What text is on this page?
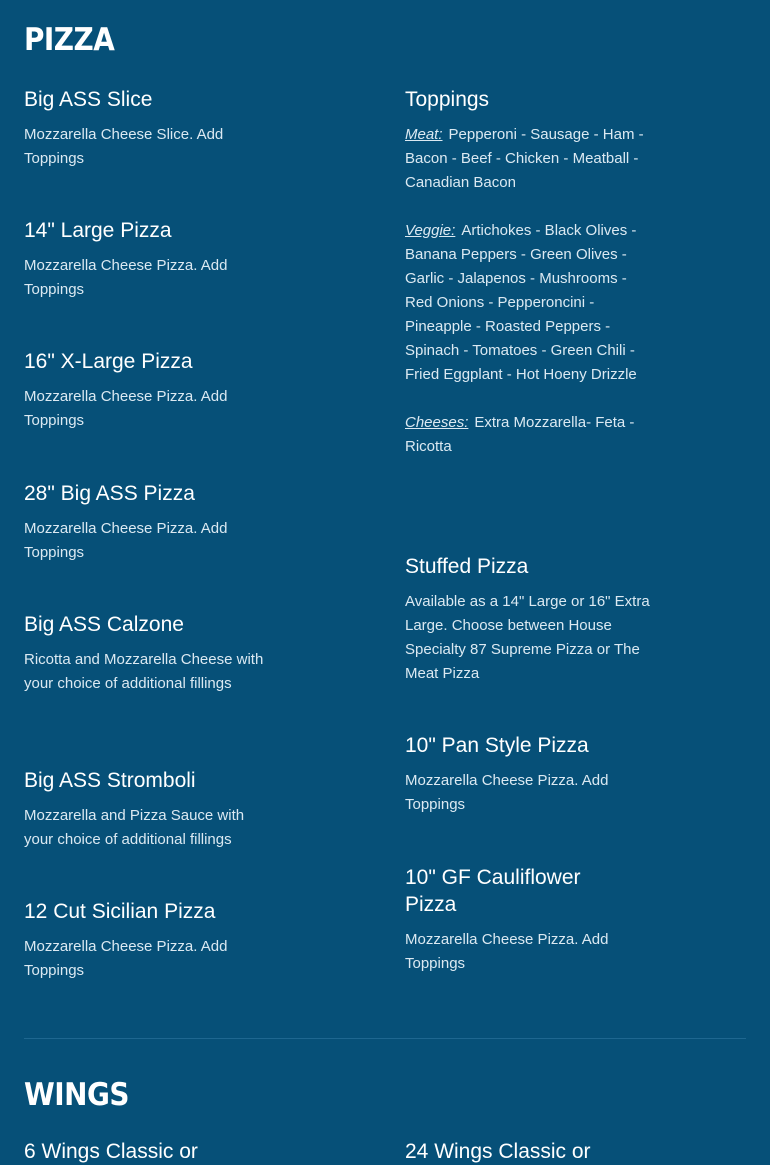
PIZZA
Big ASS Slice

Mozzarella Cheese Slice. Add Toppings

14" Large Pizza

Mozzarella Cheese Pizza. Add Toppings

16" X-Large Pizza

Mozzarella Cheese Pizza. Add Toppings

28" Big ASS Pizza

Mozzarella Cheese Pizza. Add Toppings

Big ASS Calzone

Ricotta and Mozzarella Cheese with your choice of additional fillings

Big ASS Stromboli

Mozzarella and Pizza Sauce with your choice of additional fillings

12 Cut Sicilian Pizza

Mozzarella Cheese Pizza. Add Toppings

Toppings

Meat: Pepperoni - Sausage - Ham - Bacon - Beef - Chicken - Meatball - Canadian Bacon

Veggie: Artichokes - Black Olives - Banana Peppers - Green Olives - Garlic - Jalapenos - Mushrooms - Red Onions - Pepperoncini - Pineapple - Roasted Peppers - Spinach - Tomatoes - Green Chili - Fried Eggplant - Hot Hoeny Drizzle

Cheeses: Extra Mozzarella- Feta - Ricotta

Stuffed Pizza

Available as a 14" Large or 16" Extra Large. Choose between House Specialty 87 Supreme Pizza or The Meat Pizza

10" Pan Style Pizza

Mozzarella Cheese Pizza. Add Toppings

10" GF Cauliflower Pizza

Mozzarella Cheese Pizza. Add Toppings

WINGS
6 Wings Classic or	24 Wings Classic or
